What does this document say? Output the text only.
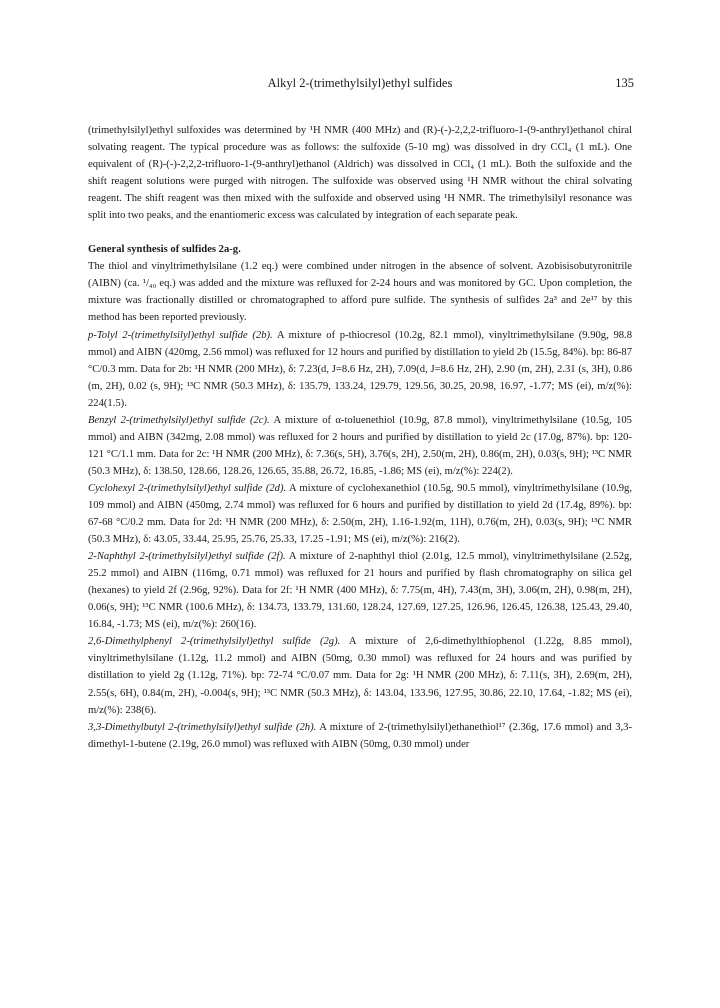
Alkyl 2-(trimethylsilyl)ethyl sulfides	135

(trimethylsilyl)ethyl sulfoxides was determined by ¹H NMR (400 MHz) and (R)-(-)-2,2,2-trifluoro-1-(9-anthryl)ethanol chiral solvating reagent. The typical procedure was as follows: the sulfoxide (5-10 mg) was dissolved in dry CCl₄ (1 mL). One equivalent of (R)-(-)-2,2,2-trifluoro-1-(9-anthryl)ethanol (Aldrich) was dissolved in CCl₄ (1 mL). Both the sulfoxide and the shift reagent solutions were purged with nitrogen. The sulfoxide was observed using ¹H NMR without the chiral solvating reagent. The shift reagent was then mixed with the sulfoxide and observed using ¹H NMR. The trimethylsilyl resonance was split into two peaks, and the enantiomeric excess was calculated by integration of each separate peak.

General synthesis of sulfides 2a-g.

The thiol and vinyltrimethylsilane (1.2 eq.) were combined under nitrogen in the absence of solvent. Azobisisobutyronitrile (AIBN) (ca. ¹/₄₀ eq.) was added and the mixture was refluxed for 2-24 hours and was monitored by GC. Upon completion, the mixture was fractionally distilled or chromatographed to afford pure sulfide. The synthesis of sulfides 2a³ and 2e¹⁷ by this method has been reported previously.

p-Tolyl 2-(trimethylsilyl)ethyl sulfide (2b). A mixture of p-thiocresol (10.2g, 82.1 mmol), vinyltrimethylsilane (9.90g, 98.8 mmol) and AIBN (420mg, 2.56 mmol) was refluxed for 12 hours and purified by distillation to yield 2b (15.5g, 84%). bp: 86-87 °C/0.3 mm. Data for 2b: ¹H NMR (200 MHz), δ: 7.23(d, J=8.6 Hz, 2H), 7.09(d, J=8.6 Hz, 2H), 2.90 (m, 2H), 2.31 (s, 3H), 0.86 (m, 2H), 0.02 (s, 9H); ¹³C NMR (50.3 MHz), δ: 135.79, 133.24, 129.79, 129.56, 30.25, 20.98, 16.97, -1.77; MS (ei), m/z(%): 224(1.5).

Benzyl 2-(trimethylsilyl)ethyl sulfide (2c). A mixture of α-toluenethiol (10.9g, 87.8 mmol), vinyltrimethylsilane (10.5g, 105 mmol) and AIBN (342mg, 2.08 mmol) was refluxed for 2 hours and purified by distillation to yield 2c (17.0g, 87%). bp: 120-121 °C/1.1 mm. Data for 2c: ¹H NMR (200 MHz), δ: 7.36(s, 5H), 3.76(s, 2H), 2.50(m, 2H), 0.86(m, 2H), 0.03(s, 9H); ¹³C NMR (50.3 MHz), δ: 138.50, 128.66, 128.26, 126.65, 35.88, 26.72, 16.85, -1.86; MS (ei), m/z(%): 224(2).

Cyclohexyl 2-(trimethylsilyl)ethyl sulfide (2d). A mixture of cyclohexanethiol (10.5g, 90.5 mmol), vinyltrimethylsilane (10.9g, 109 mmol) and AIBN (450mg, 2.74 mmol) was refluxed for 6 hours and purified by distillation to yield 2d (17.4g, 89%). bp: 67-68 °C/0.2 mm. Data for 2d: ¹H NMR (200 MHz), δ: 2.50(m, 2H), 1.16-1.92(m, 11H), 0.76(m, 2H), 0.03(s, 9H); ¹³C NMR (50.3 MHz), δ: 43.05, 33.44, 25.95, 25.76, 25.33, 17.25 -1.91; MS (ei), m/z(%): 216(2).

2-Naphthyl 2-(trimethylsilyl)ethyl sulfide (2f). A mixture of 2-naphthyl thiol (2.01g, 12.5 mmol), vinyltrimethylsilane (2.52g, 25.2 mmol) and AIBN (116mg, 0.71 mmol) was refluxed for 21 hours and purified by flash chromatography on silica gel (hexanes) to yield 2f (2.96g, 92%). Data for 2f: ¹H NMR (400 MHz), δ: 7.75(m, 4H), 7.43(m, 3H), 3.06(m, 2H), 0.98(m, 2H), 0.06(s, 9H); ¹³C NMR (100.6 MHz), δ: 134.73, 133.79, 131.60, 128.24, 127.69, 127.25, 126.96, 126.45, 126.38, 125.43, 29.40, 16.84, -1.73; MS (ei), m/z(%): 260(16).

2,6-Dimethylphenyl 2-(trimethylsilyl)ethyl sulfide (2g). A mixture of 2,6-dimethylthiophenol (1.22g, 8.85 mmol), vinyltrimethylsilane (1.12g, 11.2 mmol) and AIBN (50mg, 0.30 mmol) was refluxed for 24 hours and was purified by distillation to yield 2g (1.12g, 71%). bp: 72-74 °C/0.07 mm. Data for 2g: ¹H NMR (200 MHz), δ: 7.11(s, 3H), 2.69(m, 2H), 2.55(s, 6H), 0.84(m, 2H), -0.004(s, 9H); ¹³C NMR (50.3 MHz), δ: 143.04, 133.96, 127.95, 30.86, 22.10, 17.64, -1.82; MS (ei), m/z(%): 238(6).

3,3-Dimethylbutyl 2-(trimethylsilyl)ethyl sulfide (2h). A mixture of 2-(trimethylsilyl)ethanethiol¹⁷ (2.36g, 17.6 mmol) and 3,3-dimethyl-1-butene (2.19g, 26.0 mmol) was refluxed with AIBN (50mg, 0.30 mmol) under
